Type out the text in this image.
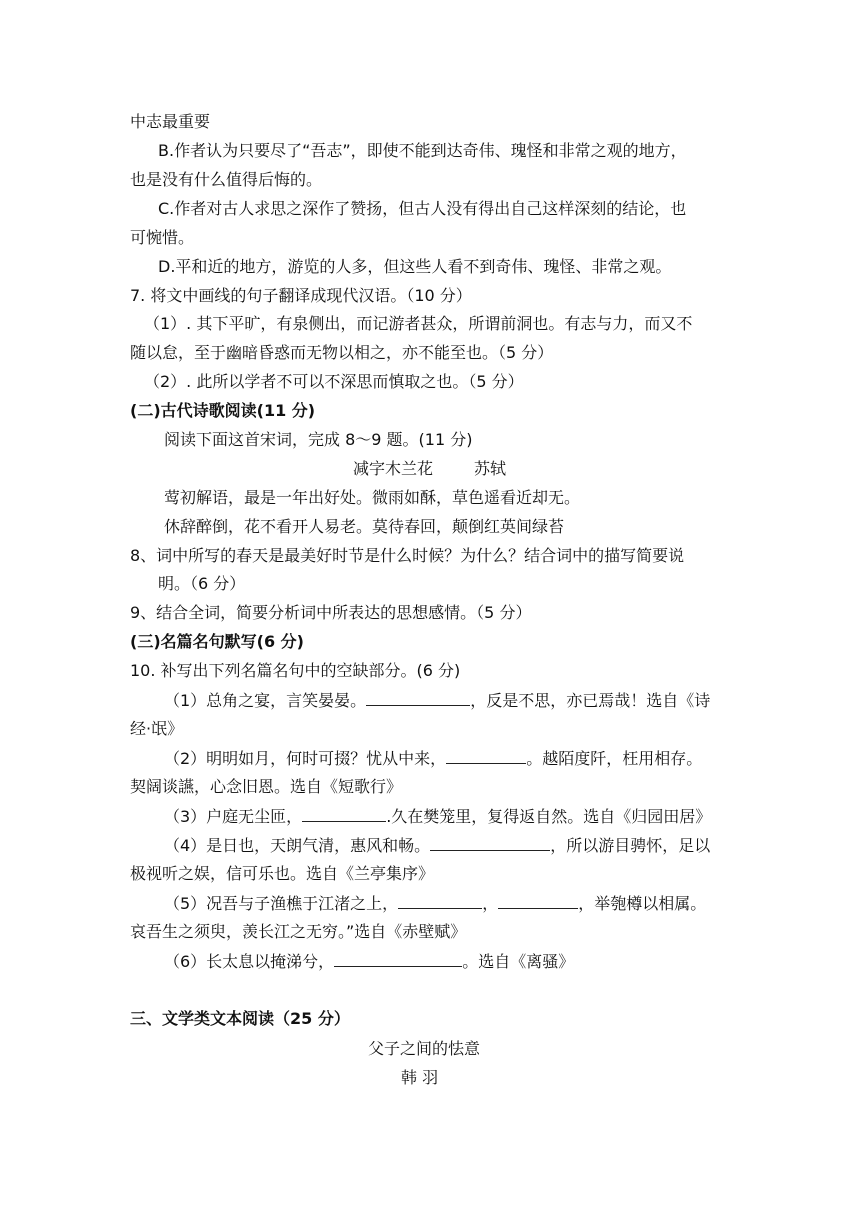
中志最重要
B.作者认为只要尽了“吾志”，即使不能到达奇伟、瑰怪和非常之观的地方，
也是没有什么值得后悔的。
C.作者对古人求思之深作了赞扬，但古人没有得出自己这样深刻的结论，也
可惋惜。
D.平和近的地方，游览的人多，但这些人看不到奇伟、瑰怪、非常之观。
7. 将文中画线的句子翻译成现代汉语。（10 分）
（1）. 其下平旷，有泉侧出，而记游者甚众，所谓前洞也。有志与力，而又不
随以怠，至于幽暗昏惑而无物以相之，亦不能至也。（5 分）
（2）. 此所以学者不可以不深思而慎取之也。（5 分）
(二)古代诗歌阅读(11 分)
阅读下面这首宋词，完成 8～9 题。(11 分)
减字木兰花	苏轼
莺初解语，最是一年出好处。微雨如酥，草色遥看近却无。
休辞醉倒，花不看开人易老。莫待春回，颠倒红英间绿苔
8、词中所写的春天是最美好时节是什么时候？为什么？结合词中的描写简要说
明。（6 分）
9、结合全词，简要分析词中所表达的思想感情。（5 分）
(三)名篇名句默写(6 分)
10. 补写出下列名篇名句中的空缺部分。(6 分)
（1）总角之宴，言笑晏晏。	，反是不思，亦已焉哉！选自《诗
经·氓》
（2）明明如月，何时可掇？忧从中来，	。越陌度阡，枉用相存。
契阔谈讌，心念旧恩。选自《短歌行》
（3）户庭无尘匝，	.久在樊笼里，复得返自然。选自《归园田居》
（4）是日也，天朗气清，惠风和畅。	，所以游目骋怀，足以
极视听之娱，信可乐也。选自《兰亭集序》
（5）况吾与子渔樵于江渚之上，	，	，举匏樽以相属。
哀吾生之须臾，羡长江之无穷。”选自《赤壁赋》
（6）长太息以掩涕兮，	。选自《离骚》
三、文学类文本阅读（25 分）
父子之间的怯意
韩 羽
